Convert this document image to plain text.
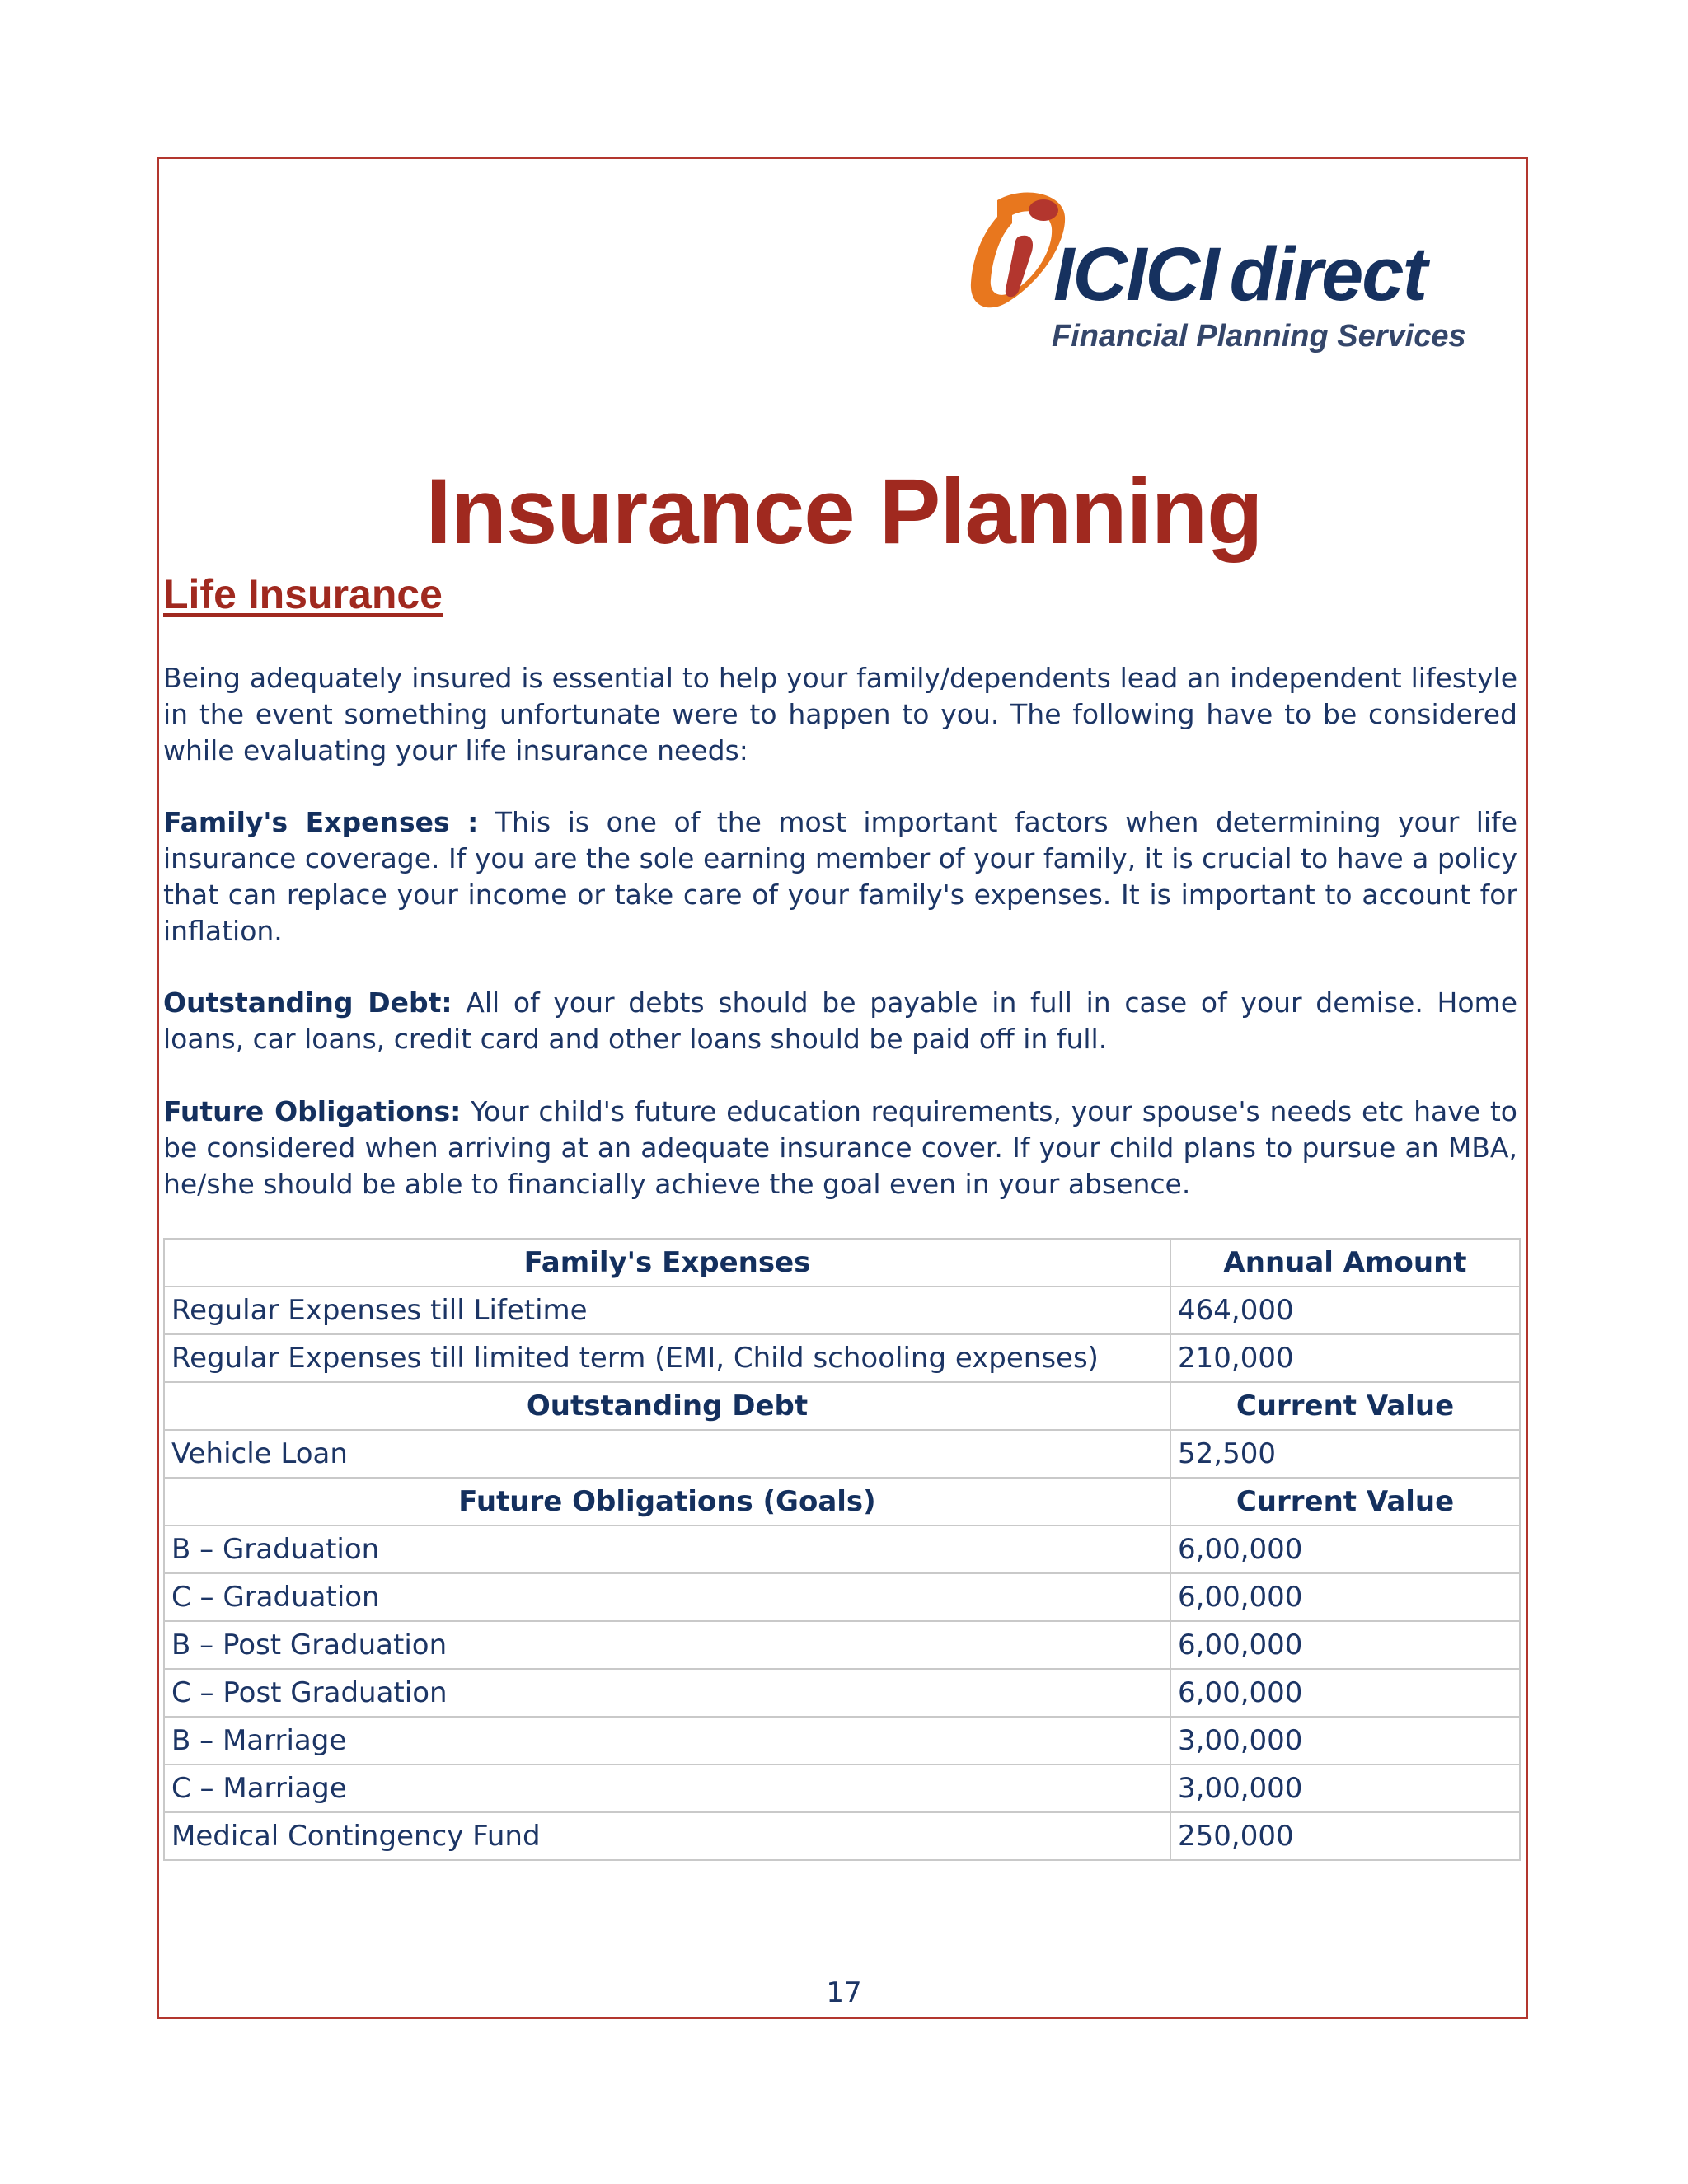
ICICI direct
Financial Planning Services
Insurance Planning
Life Insurance
Being adequately insured is essential to help your family/dependents lead an independent lifestyle in the event something unfortunate were to happen to you. The following have to be considered while evaluating your life insurance needs:
Family's Expenses : This is one of the most important factors when determining your life insurance coverage. If you are the sole earning member of your family, it is crucial to have a policy that can replace your income or take care of your family's expenses. It is important to account for inflation.
Outstanding Debt: All of your debts should be payable in full in case of your demise. Home loans, car loans, credit card and other loans should be paid off in full.
Future Obligations: Your child's future education requirements, your spouse's needs etc have to be considered when arriving at an adequate insurance cover. If your child plans to pursue an MBA, he/she should be able to financially achieve the goal even in your absence.
Family's Expenses	Annual Amount
Regular Expenses till Lifetime	464,000
Regular Expenses till limited term (EMI, Child schooling expenses)	210,000
Outstanding Debt	Current Value
Vehicle Loan	52,500
Future Obligations (Goals)	Current Value
B – Graduation	6,00,000
C – Graduation	6,00,000
B – Post Graduation	6,00,000
C – Post Graduation	6,00,000
B – Marriage	3,00,000
C – Marriage	3,00,000
Medical Contingency Fund	250,000
17
